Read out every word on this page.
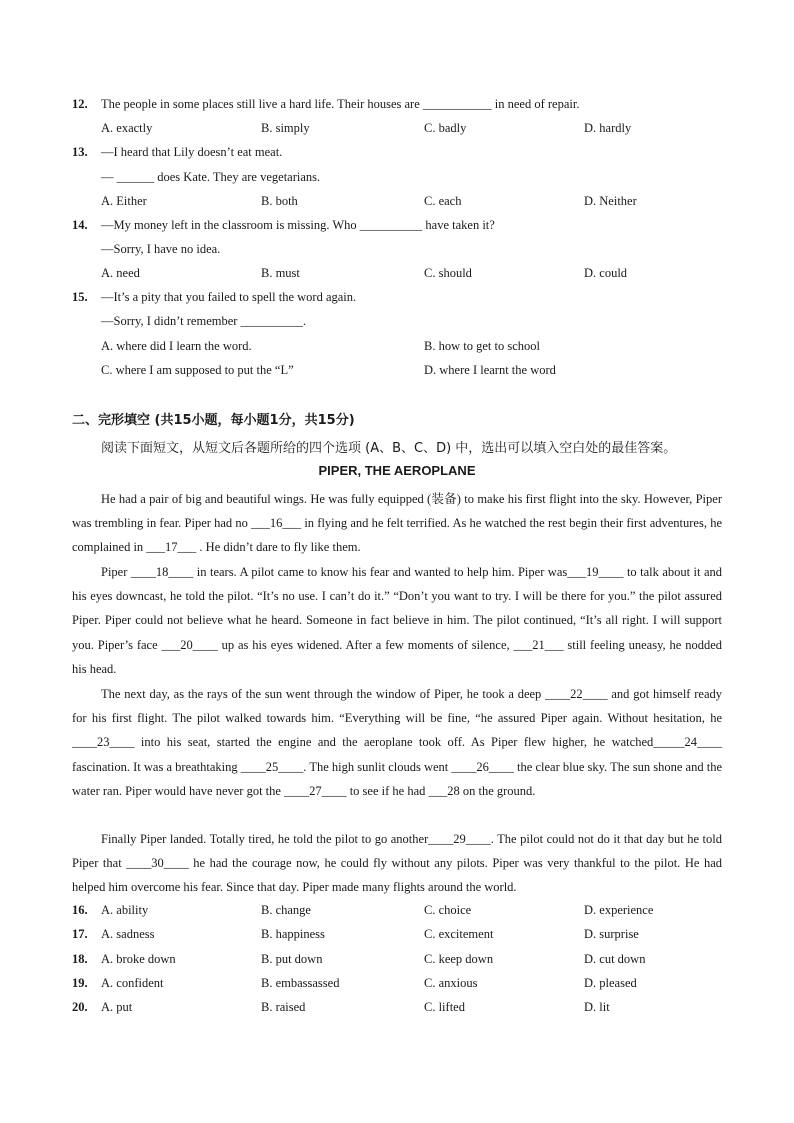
12. The people in some places still live a hard life. Their houses are ___________ in need of repair.
A. exactly	B. simply	C. badly	D. hardly
13. —I heard that Lily doesn’t eat meat.
— ______ does Kate. They are vegetarians.
A. Either	B. both	C. each	D. Neither
14. —My money left in the classroom is missing. Who __________ have taken it?
—Sorry, I have no idea.
A. need	B. must	C. should	D. could
15. —It’s a pity that you failed to spell the word again.
—Sorry, I didn’t remember __________.
A. where did I learn the word.	B. how to get to school
C. where I am supposed to put the “L”	D. where I learnt the word
二、完形填空 (共15小题，每小题1分，共15分)
阅读下面短文，从短文后各题所给的四个选项 (A、B、C、D) 中，选出可以填入空白处的最佳答案。
PIPER, THE AEROPLANE

He had a pair of big and beautiful wings. He was fully equipped (装备) to make his first flight into the sky. However, Piper was trembling in fear. Piper had no ___16___ in flying and he felt terrified. As he watched the rest begin their first adventures, he complained in ___17___ . He didn’t dare to fly like them.

Piper ____18____ in tears. A pilot came to know his fear and wanted to help him. Piper was___19____ to talk about it and his eyes downcast, he told the pilot. “It’s no use. I can’t do it.” “Don’t you want to try. I will be there for you.” the pilot assured Piper. Piper could not believe what he heard. Someone in fact believe in him. The pilot continued, “It’s all right. I will support you. Piper’s face ___20____ up as his eyes widened. After a few moments of silence, ___21___ still feeling uneasy, he nodded his head.

The next day, as the rays of the sun went through the window of Piper, he took a deep ____22____ and got himself ready for his first flight. The pilot walked towards him. “Everything will be fine, “he assured Piper again. Without hesitation, he ____23____ into his seat, started the engine and the aeroplane took off. As Piper flew higher, he watched_____24____ fascination. It was a breathtaking ____25____. The high sunlit clouds went ____26____ the clear blue sky. The sun shone and the water ran. Piper would have never got the ____27____ to see if he had ___28 on the ground.

Finally Piper landed. Totally tired, he told the pilot to go another____29____. The pilot could not do it that day but he told Piper that ____30____ he had the courage now, he could fly without any pilots. Piper was very thankful to the pilot. He had helped him overcome his fear. Since that day. Piper made many flights around the world.

16. A. ability	B. change	C. choice	D. experience
17. A. sadness	B. happiness	C. excitement	D. surprise
18. A. broke down	B. put down	C. keep down	D. cut down
19. A. confident	B. embassassed	C. anxious	D. pleased
20. A. put	B. raised	C. lifted	D. lit
